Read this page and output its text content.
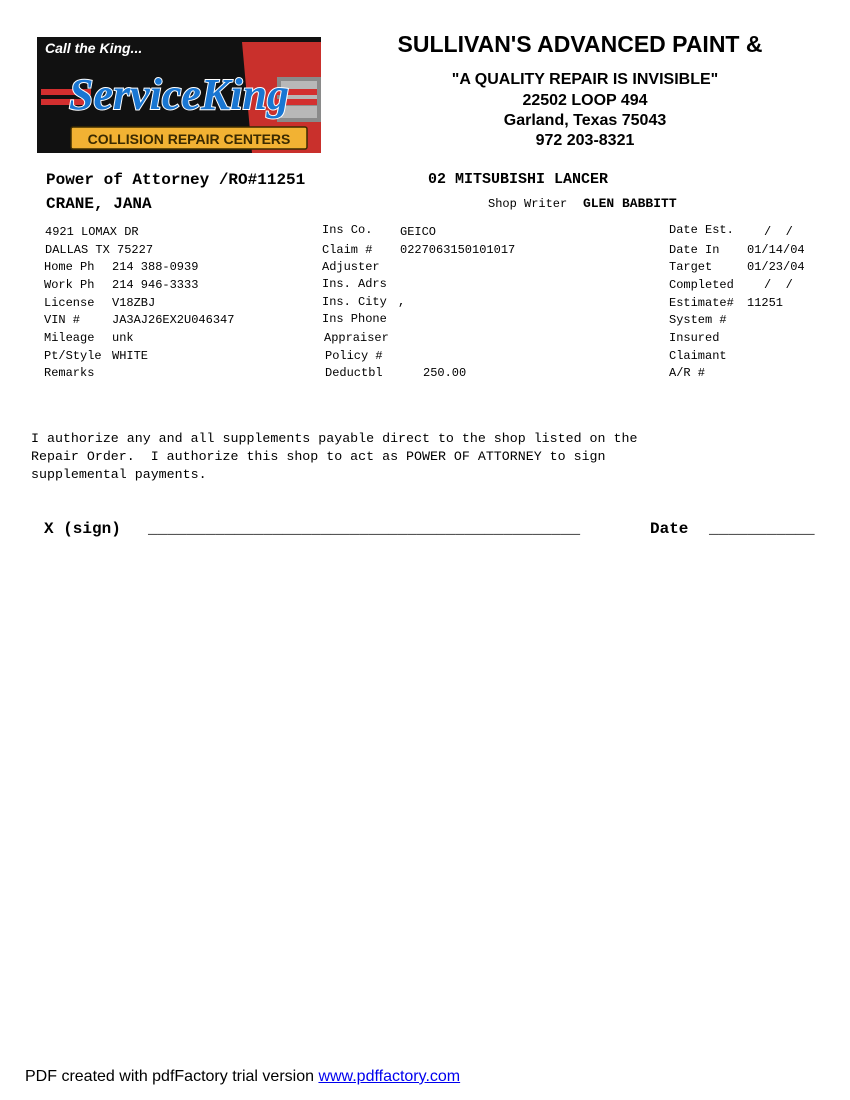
Call the King...
ServiceKing
COLLISION REPAIR CENTERS
SULLIVAN'S ADVANCED PAINT &
"A QUALITY REPAIR IS INVISIBLE"
22502 LOOP 494
Garland, Texas 75043
972 203-8321
Power of Attorney /RO#11251	02 MITSUBISHI LANCER
CRANE, JANA	Shop Writer GLEN BABBITT
4921 LOMAX DR
DALLAS TX 75227
Home Ph 214 388-0939
Work Ph 214 946-3333
License V18ZBJ
VIN #	JA3AJ26EX2U046347
Mileage unk
Pt/Style WHITE
Remarks
Ins Co. GEICO
Claim # 0227063150101017
Adjuster
Ins. Adrs
Ins. City ,
Ins Phone
Appraiser
Policy #
Deductbl	250.00
Date Est.	/  /
Date In 01/14/04
Target	01/23/04
Completed	/  /
Estimate# 11251
System #
Insured
Claimant
A/R #
I authorize any and all supplements payable direct to the shop listed on the
Repair Order.  I authorize this shop to act as POWER OF ATTORNEY to sign
supplemental payments.
X (sign) _____________________________________________	Date ___________
PDF created with pdfFactory trial version www.pdffactory.com
